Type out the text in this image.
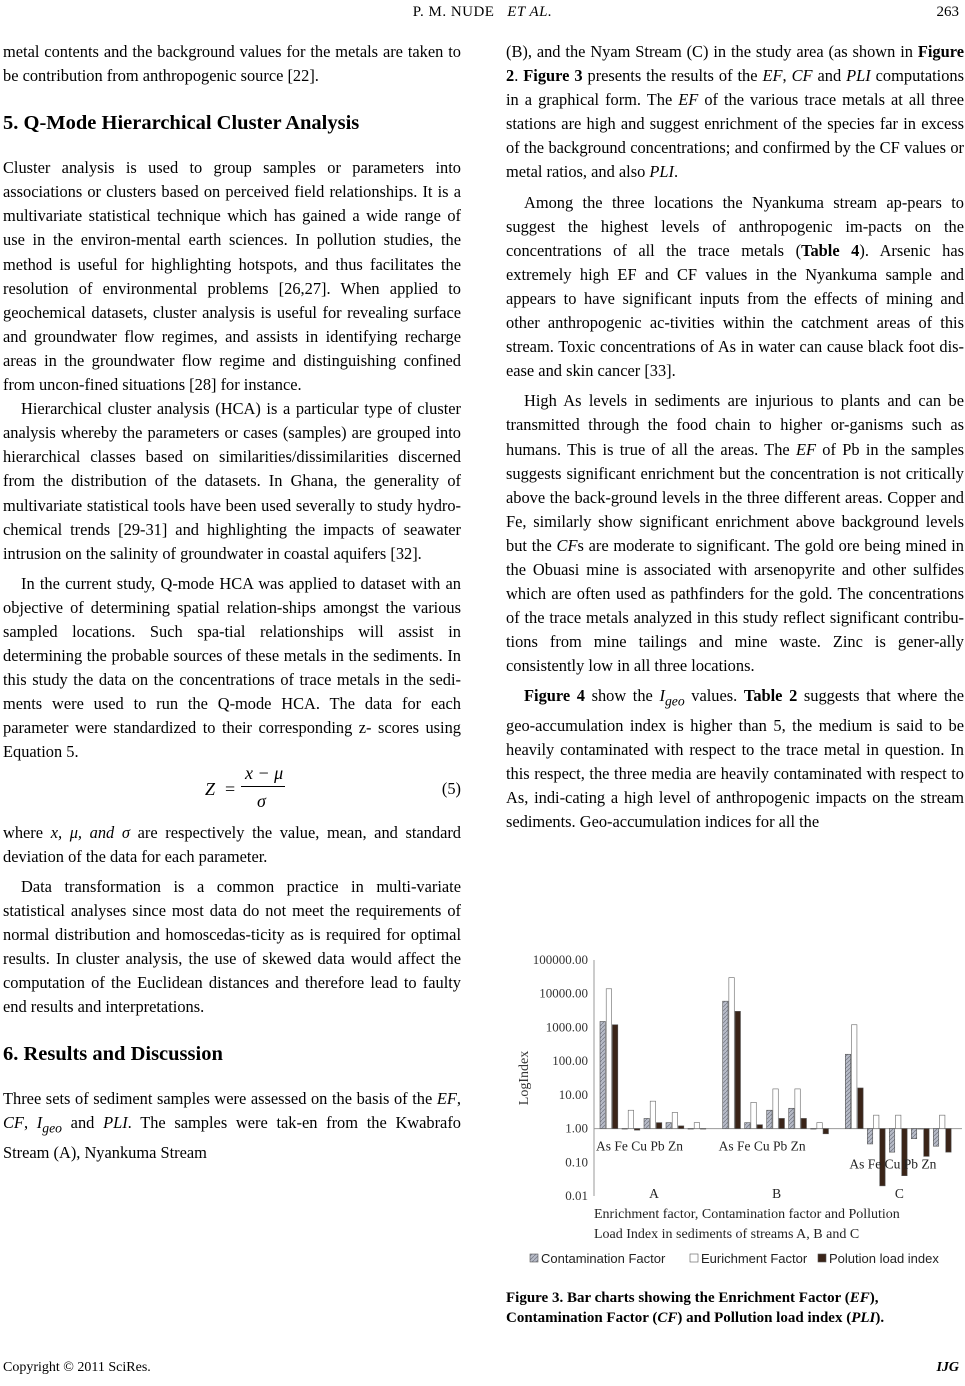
P. M. NUDE ET AL.	263

metal contents and the background values for the metals are taken to be contribution from anthropogenic source [22].

5. Q-Mode Hierarchical Cluster Analysis

Cluster analysis is used to group samples or parameters into associations or clusters based on perceived field relationships. It is a multivariate statistical technique which has gained a wide range of use in the environ-mental earth sciences. In pollution studies, the method is useful for highlighting hotspots, and thus facilitates the resolution of environmental problems [26,27]. When applied to geochemical datasets, cluster analysis is useful for revealing surface and groundwater flow regimes, and assists in identifying recharge areas in the groundwater flow regime and distinguishing confined from uncon-fined situations [28] for instance.

Hierarchical cluster analysis (HCA) is a particular type of cluster analysis whereby the parameters or cases (samples) are grouped into hierarchical classes based on similarities/dissimilarities discerned from the distribution of the datasets. In Ghana, the generality of multivariate statistical tools have been used severally to study hydro-chemical trends [29-31] and highlighting the impacts of seawater intrusion on the salinity of groundwater in coastal aquifers [32].

In the current study, Q-mode HCA was applied to dataset with an objective of determining spatial relation-ships amongst the various sampled locations. Such spa-tial relationships will assist in determining the probable sources of these metals in the sediments. In this study the data on the concentrations of trace metals in the sedi-ments were used to run the Q-mode HCA. The data for each parameter were standardized to their corresponding z- scores using Equation 5.

Z =
x − μ
σ
(5)

where x, μ, and σ are respectively the value, mean, and standard deviation of the data for each parameter.

Data transformation is a common practice in multi-variate statistical analyses since most data do not meet the requirements of normal distribution and homoscedas-ticity as is required for optimal results. In cluster analysis, the use of skewed data would affect the computation of the Euclidean distances and therefore lead to faulty end results and interpretations.

6. Results and Discussion

Three sets of sediment samples were assessed on the basis of the EF, CF, $I_{geo}$ and PLI. The samples were tak-en from the Kwabrafo Stream (A), Nyankuma Stream

(B), and the Nyam Stream (C) in the study area (as shown in Figure 2. Figure 3 presents the results of the EF, CF and PLI computations in a graphical form. The EF of the various trace metals at all three stations are high and suggest enrichment of the species far in excess of the background concentrations; and confirmed by the CF values or metal ratios, and also PLI.

Among the three locations the Nyankuma stream ap-pears to suggest the highest levels of anthropogenic im-pacts on the concentrations of all the trace metals (Table 4). Arsenic has extremely high EF and CF values in the Nyankuma sample and appears to have significant inputs from the effects of mining and other anthropogenic ac-tivities within the catchment areas of this stream. Toxic concentrations of As in water can cause black foot dis-ease and skin cancer [33].

High As levels in sediments are injurious to plants and can be transmitted through the food chain to higher or-ganisms such as humans. This is true of all the areas. The EF of Pb in the samples suggests significant enrichment but the concentration is not critically above the back-ground levels in the three different areas. Copper and Fe, similarly show significant enrichment above background levels but the CFs are moderate to significant. The gold ore being mined in the Obuasi mine is associated with arsenopyrite and other sulfides which are often used as pathfinders for the gold. The concentrations of the trace metals analyzed in this study reflect significant contribu-tions from mine tailings and mine waste. Zinc is gener-ally consistently low in all three locations.

Figure 4 show the $I_{geo}$ values. Table 2 suggests that where the geo-accumulation index is higher than 5, the medium is said to be heavily contaminated with respect to the trace metal in question. In this respect, the three media are heavily contaminated with respect to As, indi-cating a high level of anthropogenic impacts on the stream sediments. Geo-accumulation indices for all the

100000.00
10000.00
1000.00
100.00
10.00
1.00
0.10
0.01
LogIndex
As Fe Cu Pb Zn
A
As Fe Cu Pb Zn
B
As Fe Cu Pb Zn
C
Enrichment factor, Contamination factor and Pollution
Load Index in sediments of streams A, B and C
Contamination Factor	Eurichment Factor Polution load index
Figure 3. Bar charts showing the Enrichment Factor (EF), Contamination Factor (CF) and Pollution load index (PLI).
Copyright © 2011 SciRes.	IJG
